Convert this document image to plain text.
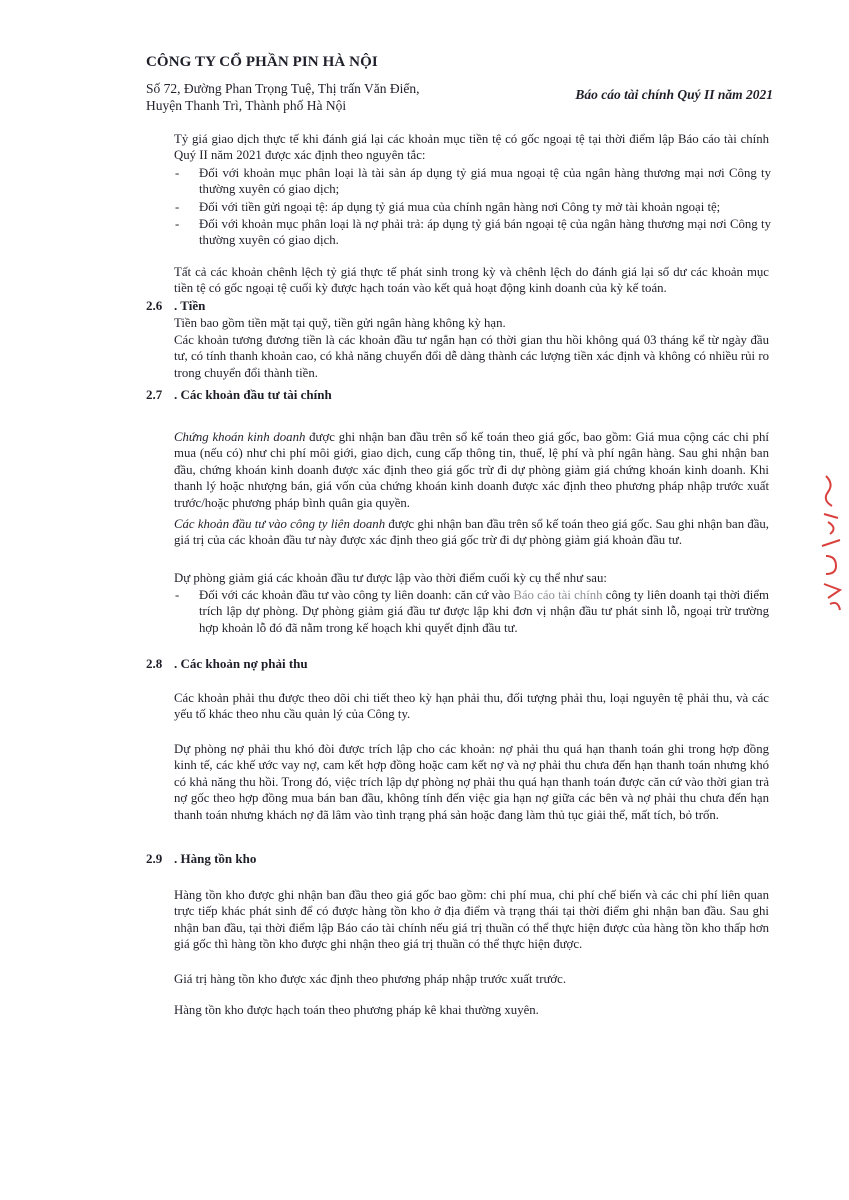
CÔNG TY CỔ PHẦN PIN HÀ NỘI
Số 72, Đường Phan Trọng Tuệ, Thị trấn Văn Điển,
Huyện Thanh Trì, Thành phố Hà Nội
Báo cáo tài chính Quý II năm 2021
Tỷ giá giao dịch thực tế khi đánh giá lại các khoản mục tiền tệ có gốc ngoại tệ tại thời điểm lập Báo cáo tài chính Quý II năm 2021 được xác định theo nguyên tắc:
- Đối với khoản mục phân loại là tài sản áp dụng tỷ giá mua ngoại tệ của ngân hàng thương mại nơi Công ty thường xuyên có giao dịch;
- Đối với tiền gửi ngoại tệ: áp dụng tỷ giá mua của chính ngân hàng nơi Công ty mở tài khoản ngoại tệ;
- Đối với khoản mục phân loại là nợ phải trả: áp dụng tỷ giá bán ngoại tệ của ngân hàng thương mại nơi Công ty thường xuyên có giao dịch.
Tất cả các khoản chênh lệch tỷ giá thực tế phát sinh trong kỳ và chênh lệch do đánh giá lại số dư các khoản mục tiền tệ có gốc ngoại tệ cuối kỳ được hạch toán vào kết quả hoạt động kinh doanh của kỳ kế toán.
2.6 . Tiền
Tiền bao gồm tiền mặt tại quỹ, tiền gửi ngân hàng không kỳ hạn.
Các khoản tương đương tiền là các khoản đầu tư ngắn hạn có thời gian thu hồi không quá 03 tháng kể từ ngày đầu tư, có tính thanh khoản cao, có khả năng chuyển đổi dễ dàng thành các lượng tiền xác định và không có nhiều rủi ro trong chuyển đổi thành tiền.
2.7 . Các khoản đầu tư tài chính
Chứng khoán kinh doanh được ghi nhận ban đầu trên sổ kế toán theo giá gốc, bao gồm: Giá mua cộng các chi phí mua (nếu có) như chi phí môi giới, giao dịch, cung cấp thông tin, thuế, lệ phí và phí ngân hàng. Sau ghi nhận ban đầu, chứng khoán kinh doanh được xác định theo giá gốc trừ đi dự phòng giảm giá chứng khoán kinh doanh. Khi thanh lý hoặc nhượng bán, giá vốn của chứng khoán kinh doanh được xác định theo phương pháp nhập trước xuất trước/hoặc phương pháp bình quân gia quyền.
Các khoản đầu tư vào công ty liên doanh được ghi nhận ban đầu trên sổ kế toán theo giá gốc. Sau ghi nhận ban đầu, giá trị của các khoản đầu tư này được xác định theo giá gốc trừ đi dự phòng giảm giá khoản đầu tư.
Dự phòng giảm giá các khoản đầu tư được lập vào thời điểm cuối kỳ cụ thể như sau:
- Đối với các khoản đầu tư vào công ty liên doanh: căn cứ vào Báo cáo tài chính công ty liên doanh tại thời điểm trích lập dự phòng. Dự phòng giảm giá đầu tư được lập khi đơn vị nhận đầu tư phát sinh lỗ, ngoại trừ trường hợp khoản lỗ đó đã nằm trong kế hoạch khi quyết định đầu tư.
2.8 . Các khoản nợ phải thu
Các khoản phải thu được theo dõi chi tiết theo kỳ hạn phải thu, đối tượng phải thu, loại nguyên tệ phải thu, và các yếu tố khác theo nhu cầu quản lý của Công ty.
Dự phòng nợ phải thu khó đòi được trích lập cho các khoản: nợ phải thu quá hạn thanh toán ghi trong hợp đồng kinh tế, các khế ước vay nợ, cam kết hợp đồng hoặc cam kết nợ và nợ phải thu chưa đến hạn thanh toán nhưng khó có khả năng thu hồi. Trong đó, việc trích lập dự phòng nợ phải thu quá hạn thanh toán được căn cứ vào thời gian trả nợ gốc theo hợp đồng mua bán ban đầu, không tính đến việc gia hạn nợ giữa các bên và nợ phải thu chưa đến hạn thanh toán nhưng khách nợ đã lâm vào tình trạng phá sản hoặc đang làm thủ tục giải thể, mất tích, bỏ trốn.
2.9 . Hàng tồn kho
Hàng tồn kho được ghi nhận ban đầu theo giá gốc bao gồm: chi phí mua, chi phí chế biến và các chi phí liên quan trực tiếp khác phát sinh để có được hàng tồn kho ở địa điểm và trạng thái tại thời điểm ghi nhận ban đầu. Sau ghi nhận ban đầu, tại thời điểm lập Báo cáo tài chính nếu giá trị thuần có thể thực hiện được của hàng tồn kho thấp hơn giá gốc thì hàng tồn kho được ghi nhận theo giá trị thuần có thể thực hiện được.
Giá trị hàng tồn kho được xác định theo phương pháp nhập trước xuất trước.
Hàng tồn kho được hạch toán theo phương pháp kê khai thường xuyên.
